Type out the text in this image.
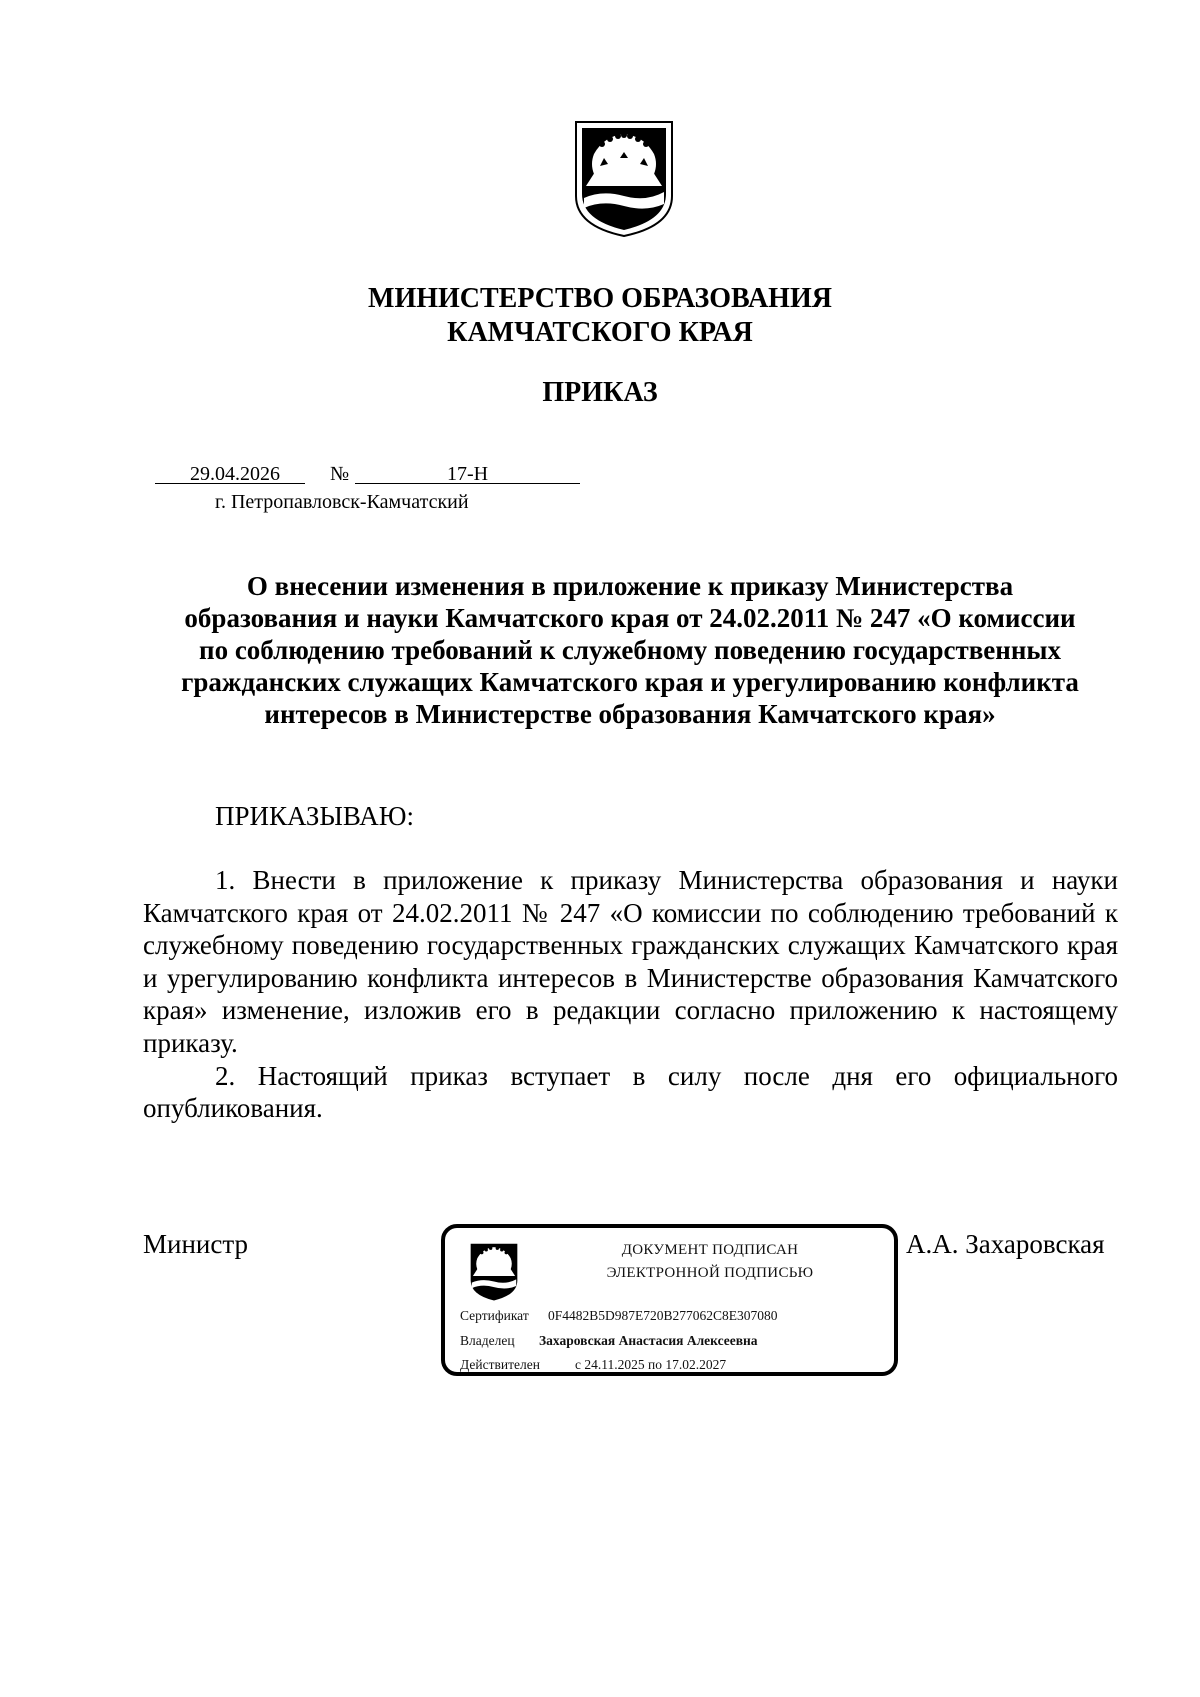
МИНИСТЕРСТВО ОБРАЗОВАНИЯ
КАМЧАТСКОГО КРАЯ
ПРИКАЗ
29.04.2026	№	17-Н
г. Петропавловск-Камчатский
О внесении изменения в приложение к приказу Министерства
образования и науки Камчатского края от 24.02.2011 № 247 «О комиссии
по соблюдению требований к служебному поведению государственных
гражданских служащих Камчатского края и урегулированию конфликта
интересов в Министерстве образования Камчатского края»
ПРИКАЗЫВАЮ:

1. Внести в приложение к приказу Министерства образования и науки Камчатского края от 24.02.2011 № 247 «О комиссии по соблюдению требований к служебному поведению государственных гражданских служащих Камчатского края и урегулированию конфликта интересов в Министерстве образования Камчатского края» изменение, изложив его в редакции согласно приложению к настоящему приказу.

2. Настоящий приказ вступает в силу после дня его официального опубликования.

Министр	А.А. Захаровская
ДОКУМЕНТ ПОДПИСАН
ЭЛЕКТРОННОЙ ПОДПИСЬЮ
Сертификат 0F4482B5D987E720B277062C8E307080
Владелец Захаровская Анастасия Алексеевна
Действителен	с 24.11.2025 по 17.02.2027
